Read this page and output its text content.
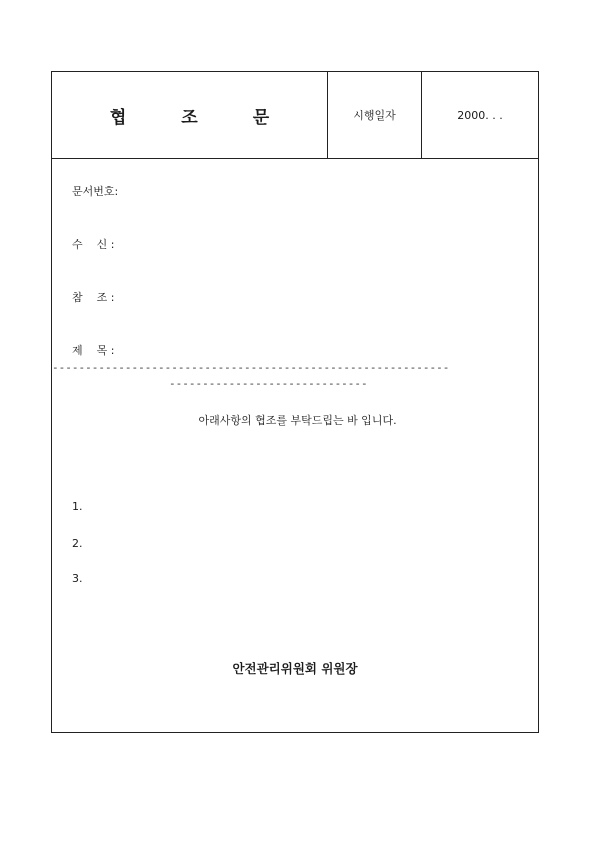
협	조	문	시행일자	2000. . .
문서번호:
수    신 :
참    조 :
제    목 :
------------------------------------------------------------
------------------------------
아래사항의 협조를 부탁드립는 바 입니다.
1.
2.
3.
안전관리위원회 위원장
